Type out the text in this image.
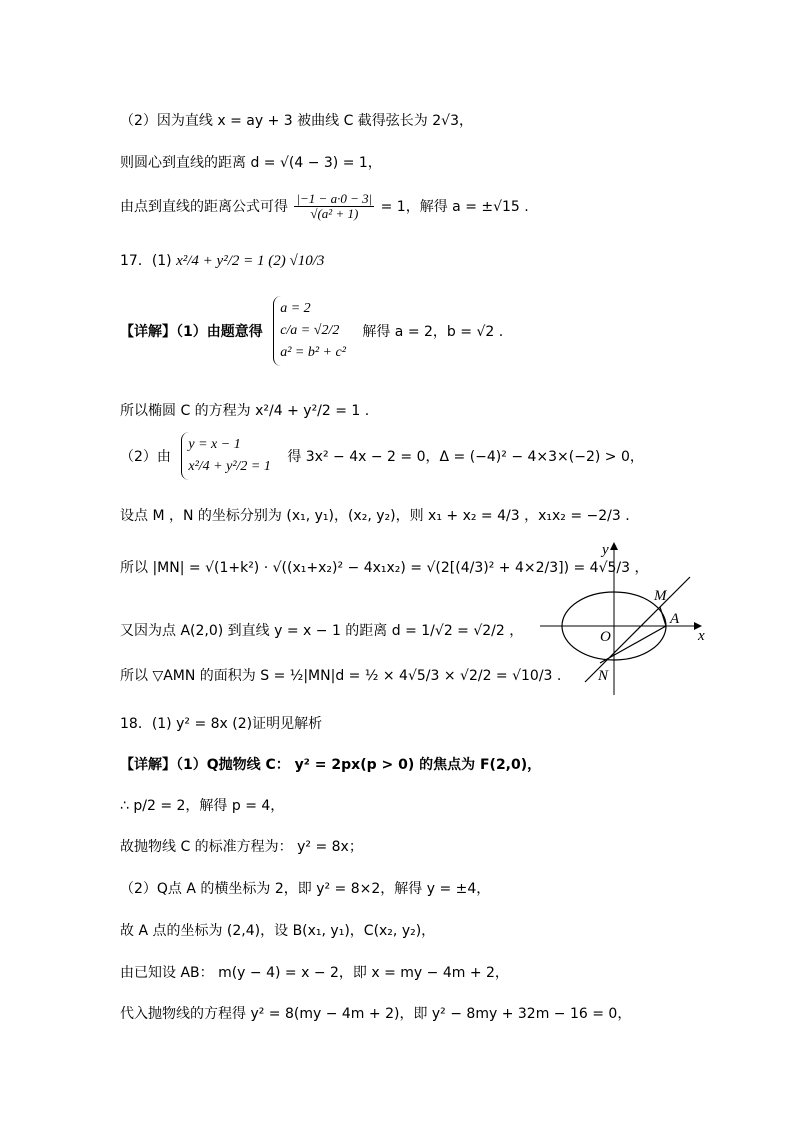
（2）因为直线 x = ay + 3 被曲线 C 截得弦长为 2√3，
则圆心到直线的距离 d = √(4 − 3) = 1，
由点到直线的距离公式可得 $\frac{|-1 - a\cdot 0 - 3|}{\text{√(a² + 1)}} = 1$，解得 a = ±√15 .
17．(1) x²/4 + y²/2 = 1 (2) √10/3
【详解】（1）由题意得
a = 2
c/a = √2/2
a² = b² + c²
解得 a = 2，b = √2 .
所以椭圆 C 的方程为 x²/4 + y²/2 = 1 .
（2）由
y = x − 1
x²/4 + y²/2 = 1
得 3x² − 4x − 2 = 0，Δ = (−4)² − 4×3×(−2) > 0，
设点 M ，N 的坐标分别为 (x₁, y₁)，(x₂, y₂)，则 x₁ + x₂ = 4/3 ，x₁x₂ = −2/3 .
所以 |MN| = √(1+k²) · √((x₁+x₂)² − 4x₁x₂) = √(2[(4/3)² + 4×2/3]) = 4√5/3 ，
又因为点 A(2,0) 到直线 y = x − 1 的距离 d = 1/√2 = √2/2 ，
所以 ▽AMN 的面积为 S = ½|MN|d = ½ × 4√5/3 × √2/2 = √10/3 .
18．(1) y² = 8x (2)证明见解析
【详解】（1）Q抛物线 C： y² = 2px(p > 0) 的焦点为 F(2,0)，
∴ p/2 = 2，解得 p = 4，
故抛物线 C 的标准方程为： y² = 8x；
（2）Q点 A 的横坐标为 2，即 y² = 8×2，解得 y = ±4，
故 A 点的坐标为 (2,4)，设 B(x₁, y₁)，C(x₂, y₂)，
由已知设 AB： m(y − 4) = x − 2，即 x = my − 4m + 2，
代入抛物线的方程得 y² = 8(my − 4m + 2)，即 y² − 8my + 32m − 16 = 0，
y
x
M
A
O
N
